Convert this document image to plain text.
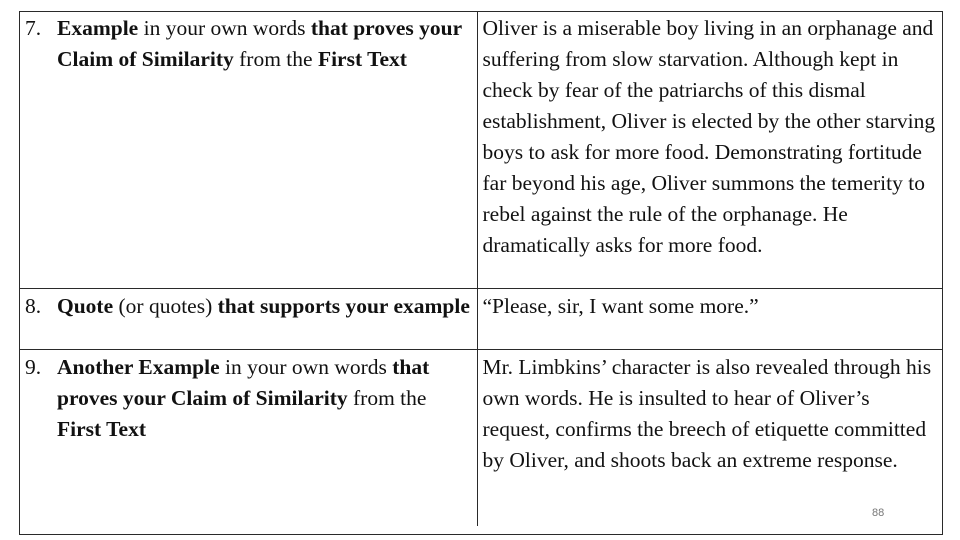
7. Example in your own words that proves your Claim of Similarity from the First Text	Oliver is a miserable boy living in an orphanage and suffering from slow starvation. Although kept in check by fear of the patriarchs of this dismal establishment, Oliver is elected by the other starving boys to ask for more food. Demonstrating fortitude far beyond his age, Oliver summons the temerity to rebel against the rule of the orphanage. He dramatically asks for more food.

8. Quote (or quotes) that supports your example	“Please, sir, I want some more.”

9. Another Example in your own words that proves your Claim of Similarity from the First Text	Mr. Limbkins’ character is also revealed through his own words. He is insulted to hear of Oliver’s request, confirms the breech of etiquette committed by Oliver, and shoots back an extreme response.
88
